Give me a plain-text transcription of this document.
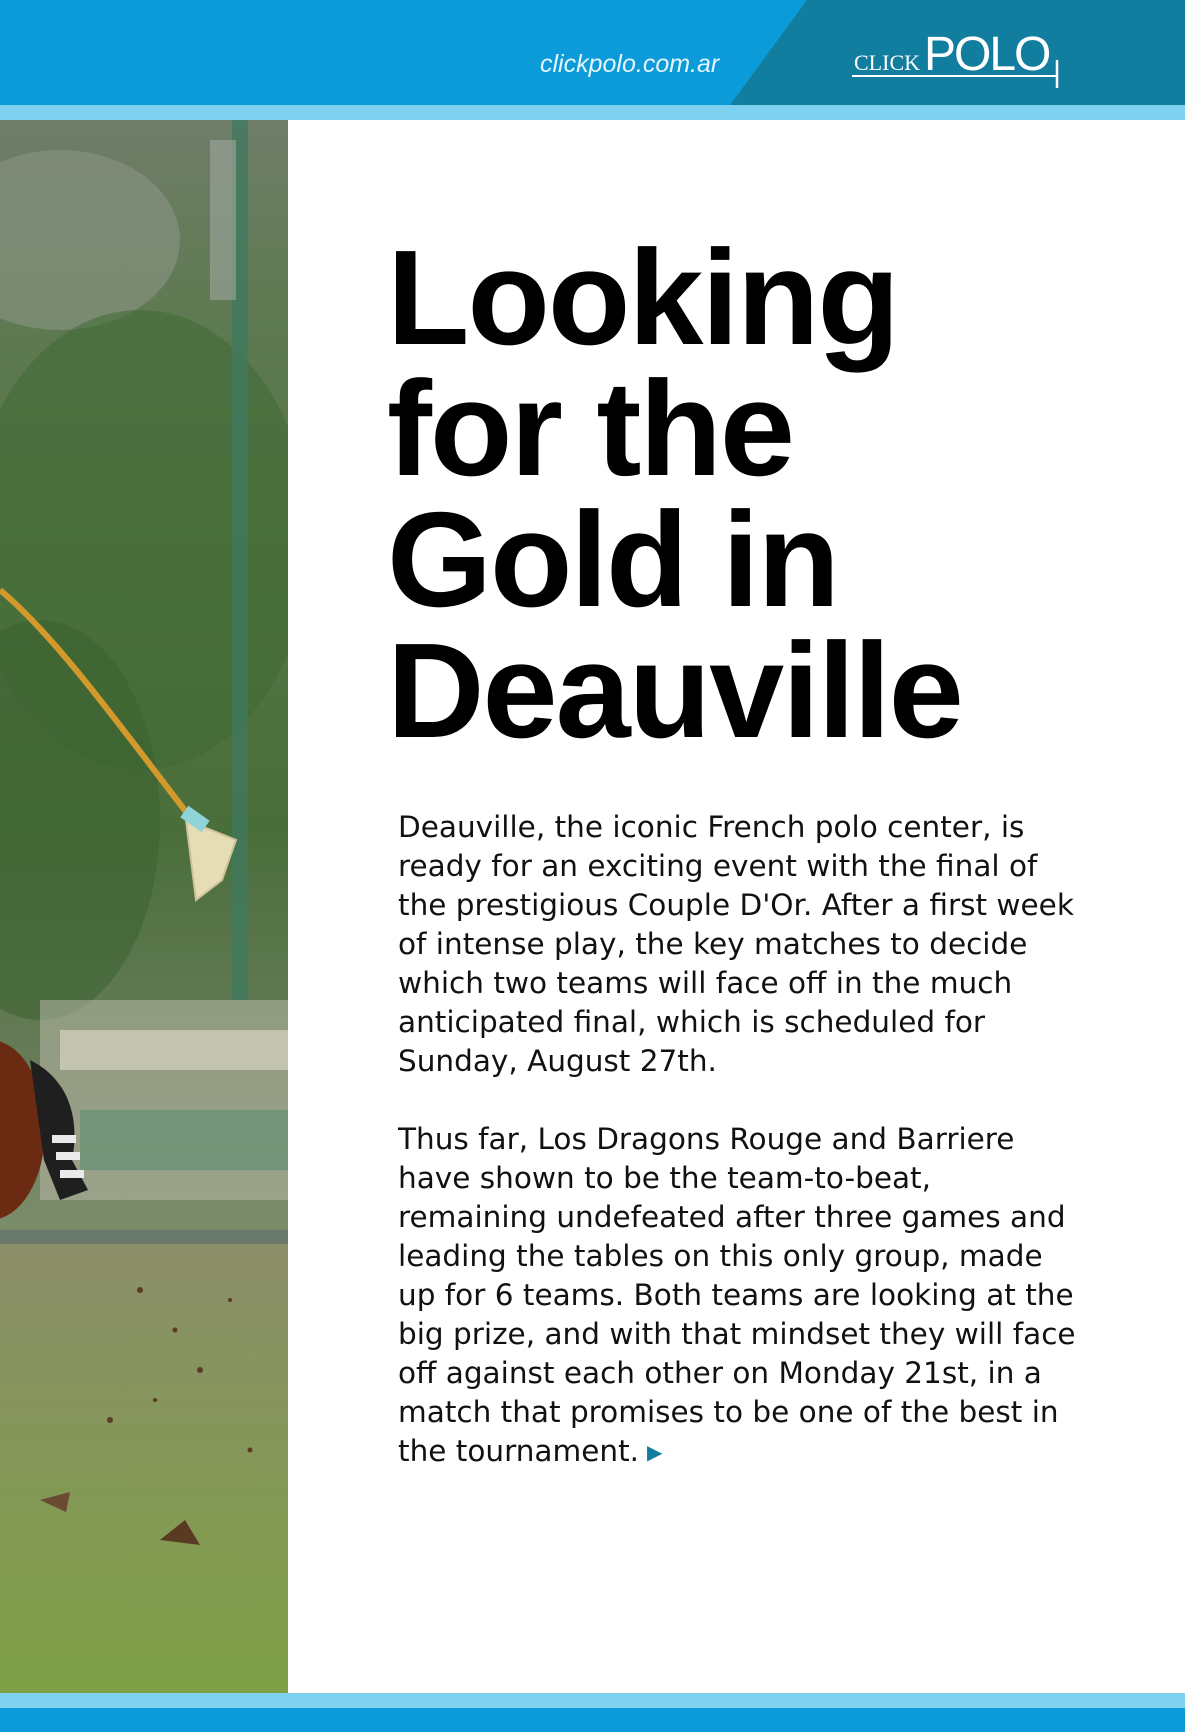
clickpolo.com.ar	CLICK POLO
Looking
for the
Gold in
Deauville

Deauville, the iconic French polo center, is ready for an exciting event with the final of the prestigious Couple D'Or. After a first week of intense play, the key matches to decide which two teams will face off in the much anticipated final, which is scheduled for Sunday, August 27th.

Thus far, Los Dragons Rouge and Barriere have shown to be the team-to-beat, remaining undefeated after three games and leading the tables on this only group, made up for 6 teams. Both teams are looking at the big prize, and with that mindset they will face off against each other on Monday 21st, in a match that promises to be one of the best in the tournament. ▶
